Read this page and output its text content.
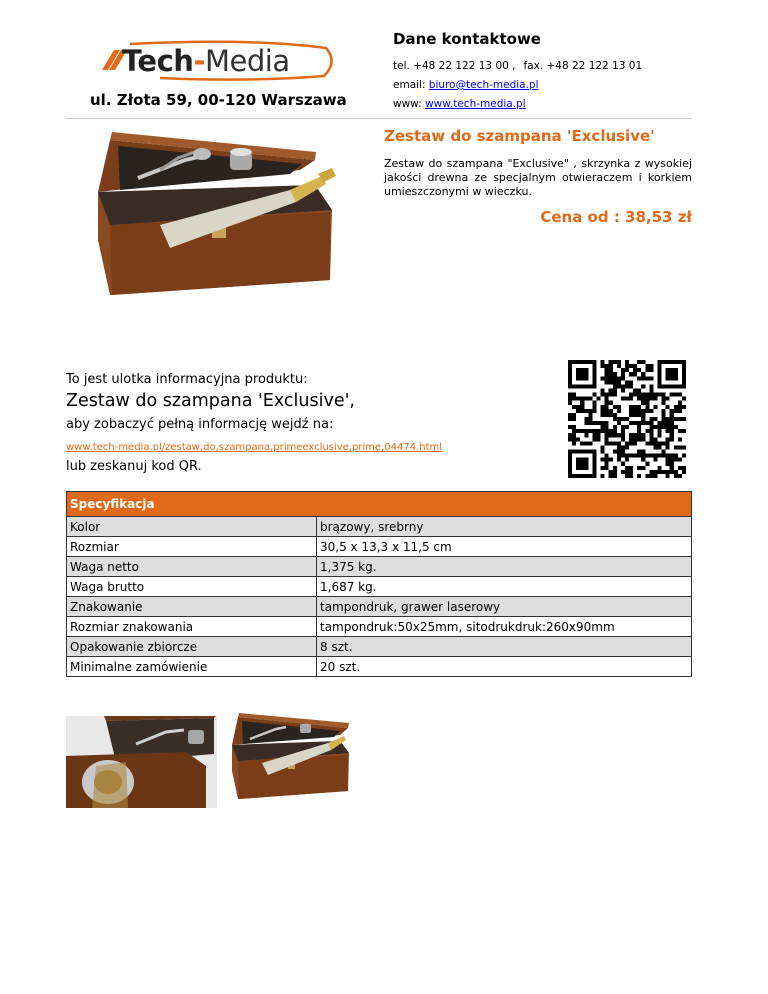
Tech-Media
ul. Złota 59, 00-120 Warszawa
Dane kontaktowe
tel. +48 22 122 13 00 , fax. +48 22 122 13 01
email: biuro@tech-media.pl
www: www.tech-media.pl
Zestaw do szampana 'Exclusive'
Zestaw do szampana "Exclusive" , skrzynka z wysokiej jakości drewna ze specjalnym otwieraczem i korkiem umieszczonymi w wieczku.
Cena od : 38,53 zł
To jest ulotka informacyjna produktu:
Zestaw do szampana 'Exclusive',
aby zobaczyć pełną informację wejdź na:
www.tech-media.pl/zestaw,do,szampana,primeexclusive,prime,04474.html
lub zeskanuj kod QR.
Specyfikacja	
Kolor	brązowy, srebrny
Rozmiar	30,5 x 13,3 x 11,5 cm
Waga netto	1,375 kg.
Waga brutto	1,687 kg.
Znakowanie	tampondruk, grawer laserowy
Rozmiar znakowania	tampondruk:50x25mm, sitodrukdruk:260x90mm
Opakowanie zbiorcze	8 szt.
Minimalne zamówienie	20 szt.
